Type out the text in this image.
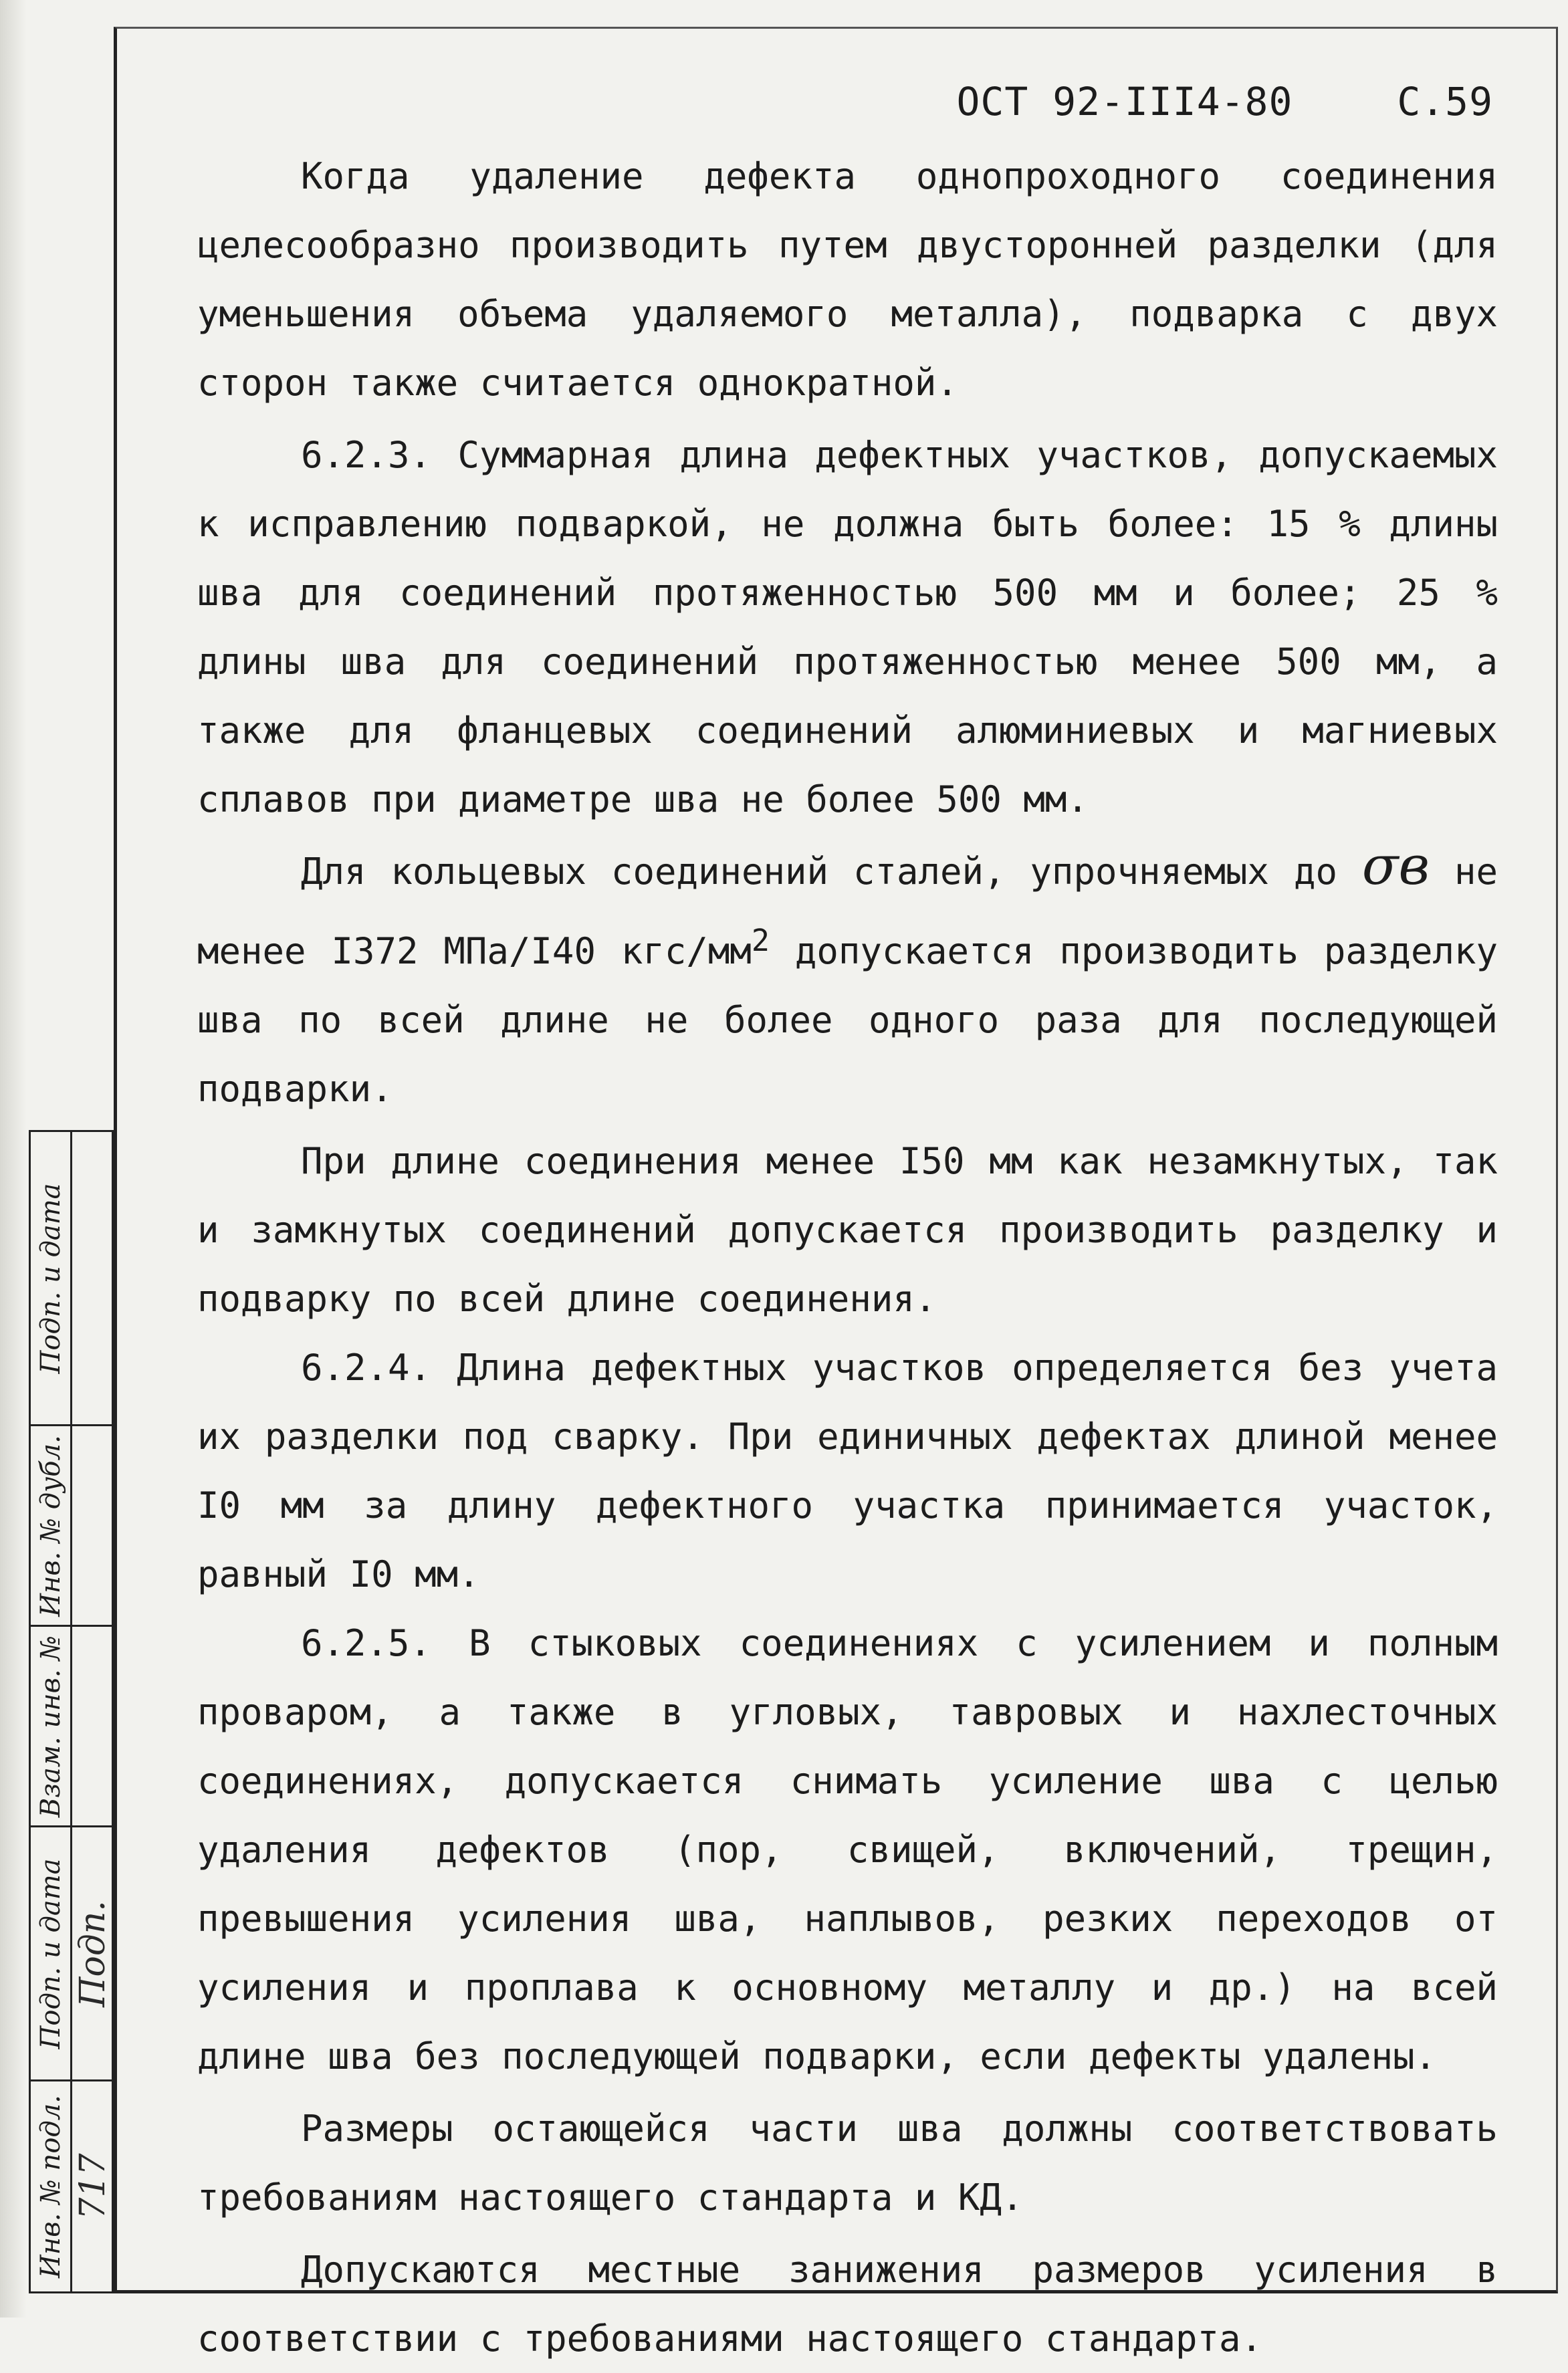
ОСТ 92-III4-80	С.59

Когда удаление дефекта однопроходного соединения целесообразно производить путем двусторонней разделки (для уменьшения объема удаляемого металла), подварка с двух сторон также считается однократной.

6.2.3. Суммарная длина дефектных участков, допускаемых к исправлению подваркой, не должна быть более: 15 % длины шва для соединений протяженностью 500 мм и более; 25 % длины шва для соединений протяженностью менее 500 мм, а также для фланцевых соединений алюминиевых и магниевых сплавов при диаметре шва не более 500 мм.

Для кольцевых соединений сталей, упрочняемых до σв не менее I372 МПа/I40 кгс/$мм^2$ допускается производить разделку шва по всей длине не более одного раза для последующей подварки.

При длине соединения менее I50 мм как незамкнутых, так и замкнутых соединений допускается производить разделку и подварку по всей длине соединения.

6.2.4. Длина дефектных участков определяется без учета их разделки под сварку. При единичных дефектах длиной менее I0 мм за длину дефектного участка принимается участок, равный I0 мм.

6.2.5. В стыковых соединениях с усилением и полным проваром, а также в угловых, тавровых и нахлесточных соединениях, допускается снимать усиление шва с целью удаления дефектов (пор, свищей, включений, трещин, превышения усиления шва, наплывов, резких переходов от усиления и проплава к основному металлу и др.) на всей длине шва без последующей подварки, если дефекты удалены.

Размеры остающейся части шва должны соответствовать требованиям настоящего стандарта и КД.

Допускаются местные занижения размеров усиления в соответствии с требованиями настоящего стандарта.

Подп. и дата
Инв. № дубл.
Взам. инв. №
Подп. и дата
Инв. № подл.
Подп.
717
